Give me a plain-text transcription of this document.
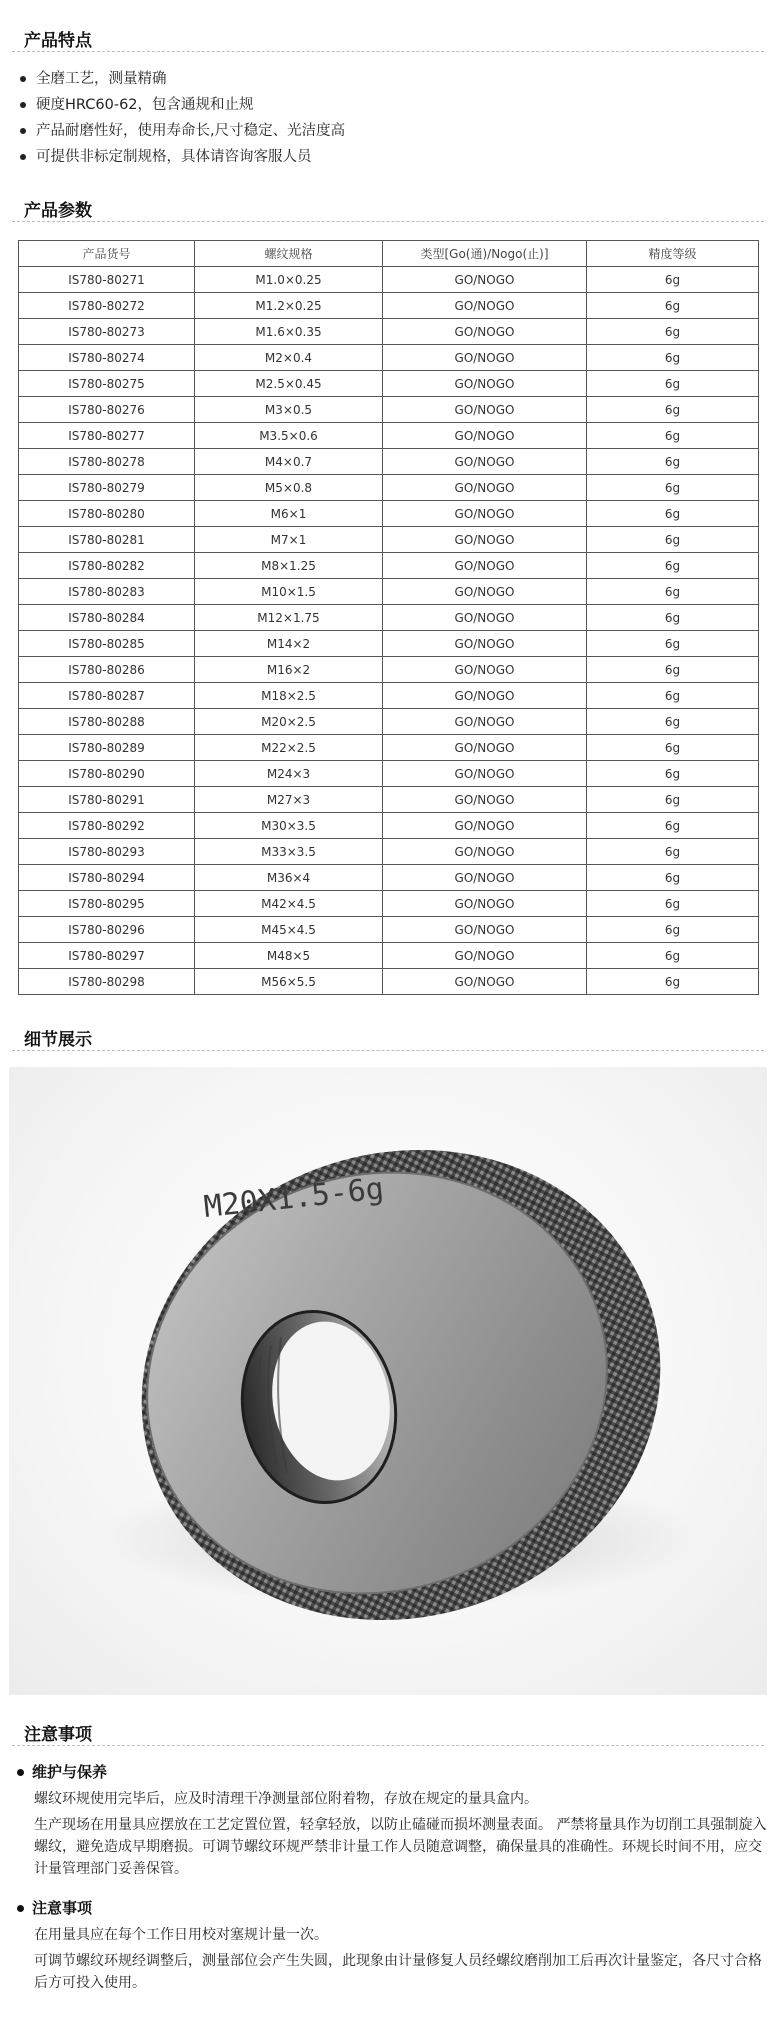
产品特点
全磨工艺，测量精确
硬度HRC60-62，包含通规和止规
产品耐磨性好，使用寿命长,尺寸稳定、光洁度高
可提供非标定制规格，具体请咨询客服人员
产品参数
产品货号	螺纹规格	类型[Go(通)/Nogo(止)]	精度等级
IS780-80271	M1.0×0.25	GO/NOGO	6g
IS780-80272	M1.2×0.25	GO/NOGO	6g
IS780-80273	M1.6×0.35	GO/NOGO	6g
IS780-80274	M2×0.4	GO/NOGO	6g
IS780-80275	M2.5×0.45	GO/NOGO	6g
IS780-80276	M3×0.5	GO/NOGO	6g
IS780-80277	M3.5×0.6	GO/NOGO	6g
IS780-80278	M4×0.7	GO/NOGO	6g
IS780-80279	M5×0.8	GO/NOGO	6g
IS780-80280	M6×1	GO/NOGO	6g
IS780-80281	M7×1	GO/NOGO	6g
IS780-80282	M8×1.25	GO/NOGO	6g
IS780-80283	M10×1.5	GO/NOGO	6g
IS780-80284	M12×1.75	GO/NOGO	6g
IS780-80285	M14×2	GO/NOGO	6g
IS780-80286	M16×2	GO/NOGO	6g
IS780-80287	M18×2.5	GO/NOGO	6g
IS780-80288	M20×2.5	GO/NOGO	6g
IS780-80289	M22×2.5	GO/NOGO	6g
IS780-80290	M24×3	GO/NOGO	6g
IS780-80291	M27×3	GO/NOGO	6g
IS780-80292	M30×3.5	GO/NOGO	6g
IS780-80293	M33×3.5	GO/NOGO	6g
IS780-80294	M36×4	GO/NOGO	6g
IS780-80295	M42×4.5	GO/NOGO	6g
IS780-80296	M45×4.5	GO/NOGO	6g
IS780-80297	M48×5	GO/NOGO	6g
IS780-80298	M56×5.5	GO/NOGO	6g
细节展示
M20X1.5-6g
注意事项
维护与保养

螺纹环规使用完毕后，应及时清理干净测量部位附着物，存放在规定的量具盒内。

生产现场在用量具应摆放在工艺定置位置，轻拿轻放，以防止磕碰而损坏测量表面。 严禁将量具作为切削工具强制旋入螺纹，避免造成早期磨损。可调节螺纹环规严禁非计量工作人员随意调整，确保量具的准确性。环规长时间不用，应交计量管理部门妥善保管。

注意事项

在用量具应在每个工作日用校对塞规计量一次。

可调节螺纹环规经调整后，测量部位会产生失圆，此现象由计量修复人员经螺纹磨削加工后再次计量鉴定，各尺寸合格后方可投入使用。
